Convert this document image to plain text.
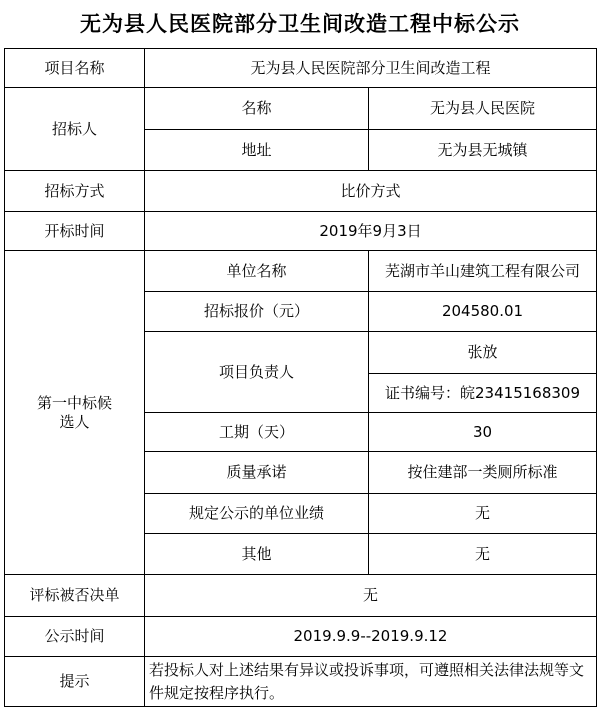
无为县人民医院部分卫生间改造工程中标公示
项目名称	无为县人民医院部分卫生间改造工程	
招标人	名称	无为县人民医院
	地址	无为县无城镇
招标方式	比价方式	
开标时间	2019年9月3日	

第一中标候选人	单位名称	芜湖市羊山建筑工程有限公司
	招标报价（元）	204580.01
	项目负责人	张放
		证书编号：皖23415168309
	工期（天）	30
	质量承诺	按住建部一类厕所标准
	规定公示的单位业绩	无
	其他	无
评标被否决单	无	
公示时间	2019.9.9--2019.9.12	
提示	若投标人对上述结果有异议或投诉事项，可遵照相关法律法规等文件规定按程序执行。	
